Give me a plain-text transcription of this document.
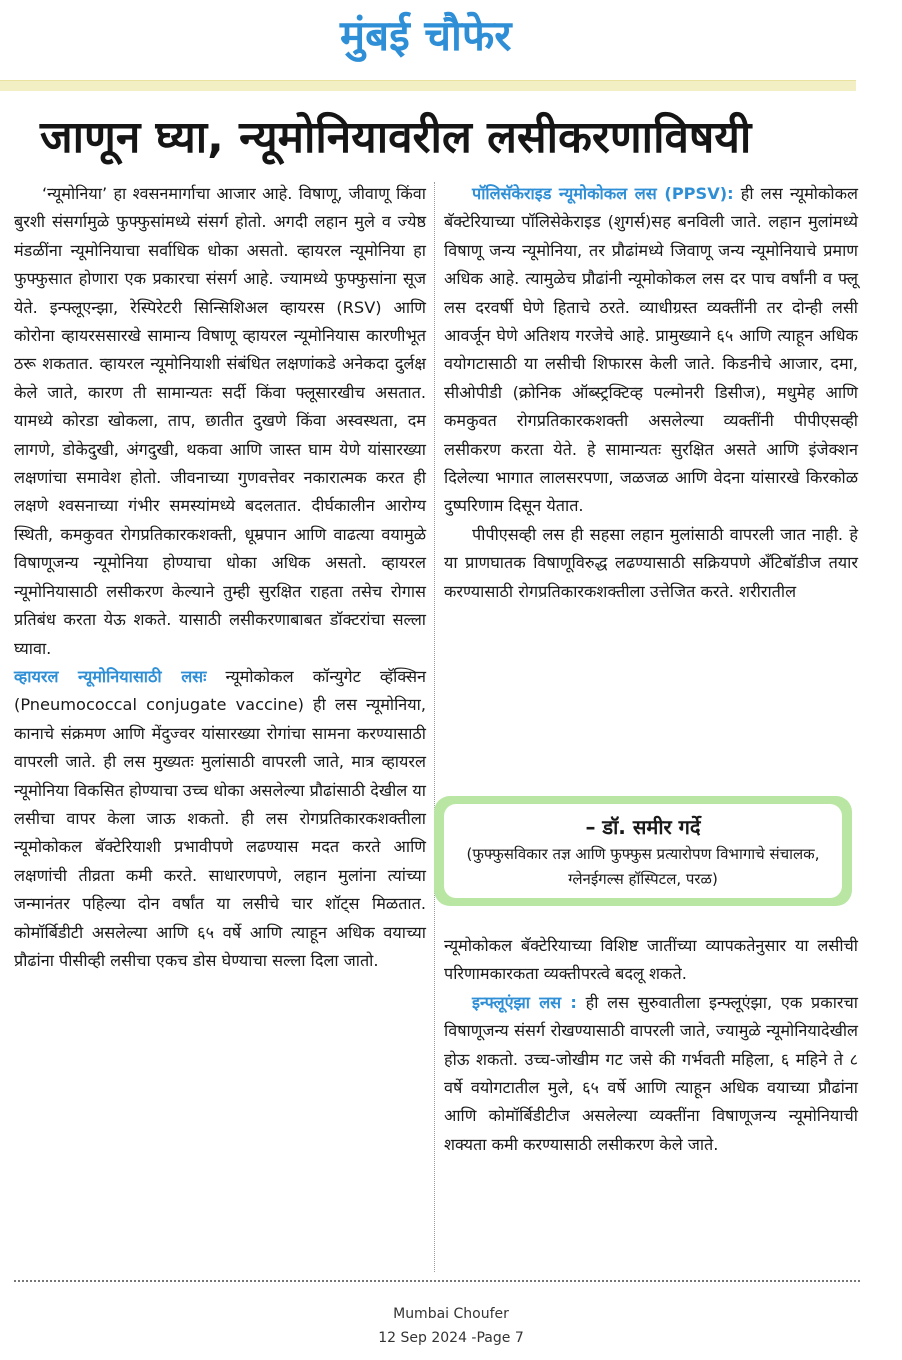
मुंबई चौफेर
जाणून घ्या, न्यूमोनियावरील लसीकरणाविषयी

‘न्यूमोनिया’ हा श्वसनमार्गाचा आजार आहे. विषाणू, जीवाणू किंवा बुरशी संसर्गामुळे फुफ्फुसांमध्ये संसर्ग होतो. अगदी लहान मुले व ज्येष्ठ मंडळींना न्यूमोनियाचा सर्वाधिक धोका असतो. व्हायरल न्यूमोनिया हा फुफ्फुसात होणारा एक प्रकारचा संसर्ग आहे. ज्यामध्ये फुफ्फुसांना सूज येते. इन्फ्लूएन्झा, रेस्पिरेटरी सिन्सिशिअल व्हायरस (RSV) आणि कोरोना व्हायरससारखे सामान्य विषाणू व्हायरल न्यूमोनियास कारणीभूत ठरू शकतात. व्हायरल न्यूमोनियाशी संबंधित लक्षणांकडे अनेकदा दुर्लक्ष केले जाते, कारण ती सामान्यतः सर्दी किंवा फ्लूसारखीच असतात. यामध्ये कोरडा खोकला, ताप, छातीत दुखणे किंवा अस्वस्थता, दम लागणे, डोकेदुखी, अंगदुखी, थकवा आणि जास्त घाम येणे यांसारख्या लक्षणांचा समावेश होतो. जीवनाच्या गुणवत्तेवर नकारात्मक करत ही लक्षणे श्वसनाच्या गंभीर समस्यांमध्ये बदलतात. दीर्घकालीन आरोग्य स्थिती, कमकुवत रोगप्रतिकारकशक्ती, धूम्रपान आणि वाढत्या वयामुळे विषाणूजन्य न्यूमोनिया होण्याचा धोका अधिक असतो. व्हायरल न्यूमोनियासाठी लसीकरण केल्याने तुम्ही सुरक्षित राहता तसेच रोगास प्रतिबंध करता येऊ शकते. यासाठी लसीकरणाबाबत डॉक्टरांचा सल्ला घ्यावा.

व्हायरल न्यूमोनियासाठी लसः न्यूमोकोकल कॉन्युगेट व्हॅक्सिन (Pneumococcal conjugate vaccine) ही लस न्यूमोनिया, कानाचे संक्रमण आणि मेंदुज्वर यांसारख्या रोगांचा सामना करण्यासाठी वापरली जाते. ही लस मुख्यतः मुलांसाठी वापरली जाते, मात्र व्हायरल न्यूमोनिया विकसित होण्याचा उच्च धोका असलेल्या प्रौढांसाठी देखील या लसीचा वापर केला जाऊ शकतो. ही लस रोगप्रतिकारकशक्तीला न्यूमोकोकल बॅक्टेरियाशी प्रभावीपणे लढण्यास मदत करते आणि लक्षणांची तीव्रता कमी करते. साधारणपणे, लहान मुलांना त्यांच्या जन्मानंतर पहिल्या दोन वर्षांत या लसीचे चार शॉट्स मिळतात. कोमॉर्बिडीटी असलेल्या आणि ६५ वर्षे आणि त्याहून अधिक वयाच्या प्रौढांना पीसीव्ही लसीचा एकच डोस घेण्याचा सल्ला दिला जातो.

पॉलिसॅकेराइड न्यूमोकोकल लस (PPSV): ही लस न्यूमोकोकल बॅक्टेरियाच्या पॉलिसेकेराइड (शुगर्स)सह बनविली जाते. लहान मुलांमध्ये विषाणू जन्य न्यूमोनिया, तर प्रौढांमध्ये जिवाणू जन्य न्यूमोनियाचे प्रमाण अधिक आहे. त्यामुळेच प्रौढांनी न्यूमोकोकल लस दर पाच वर्षांनी व फ्लू लस दरवर्षी घेणे हिताचे ठरते. व्याधीग्रस्त व्यक्तींनी तर दोन्ही लसी आवर्जून घेणे अतिशय गरजेचे आहे. प्रामुख्याने ६५ आणि त्याहून अधिक वयोगटासाठी या लसीची शिफारस केली जाते. किडनीचे आजार, दमा, सीओपीडी (क्रोनिक ऑब्स्ट्रक्टिव्ह पल्मोनरी डिसीज), मधुमेह आणि कमकुवत रोगप्रतिकारकशक्ती असलेल्या व्यक्तींनी पीपीएसव्ही लसीकरण करता येते. हे सामान्यतः सुरक्षित असते आणि इंजेक्शन दिलेल्या भागात लालसरपणा, जळजळ आणि वेदना यांसारखे किरकोळ दुष्परिणाम दिसून येतात.

पीपीएसव्ही लस ही सहसा लहान मुलांसाठी वापरली जात नाही. हे या प्राणघातक विषाणूविरुद्ध लढण्यासाठी सक्रियपणे अँटिबॉडीज तयार करण्यासाठी रोगप्रतिकारकशक्तीला उत्तेजित करते. शरीरातील

– डॉ. समीर गर्दे
(फुफ्फुसविकार तज्ञ आणि फुफ्फुस प्रत्यारोपण विभागाचे संचालक, ग्लेनईगल्स हॉस्पिटल, परळ)

न्यूमोकोकल बॅक्टेरियाच्या विशिष्ट जातींच्या व्यापकतेनुसार या लसीची परिणामकारकता व्यक्तीपरत्वे बदलू शकते.

इन्फ्लूएंझा लस : ही लस सुरुवातीला इन्फ्लूएंझा, एक प्रकारचा विषाणूजन्य संसर्ग रोखण्यासाठी वापरली जाते, ज्यामुळे न्यूमोनियादेखील होऊ शकतो. उच्च-जोखीम गट जसे की गर्भवती महिला, ६ महिने ते ८ वर्षे वयोगटातील मुले, ६५ वर्षे आणि त्याहून अधिक वयाच्या प्रौढांना आणि कोमॉर्बिडीटीज असलेल्या व्यक्तींना विषाणूजन्य न्यूमोनियाची शक्यता कमी करण्यासाठी लसीकरण केले जाते.

Mumbai Choufer
12 Sep 2024 -Page 7
